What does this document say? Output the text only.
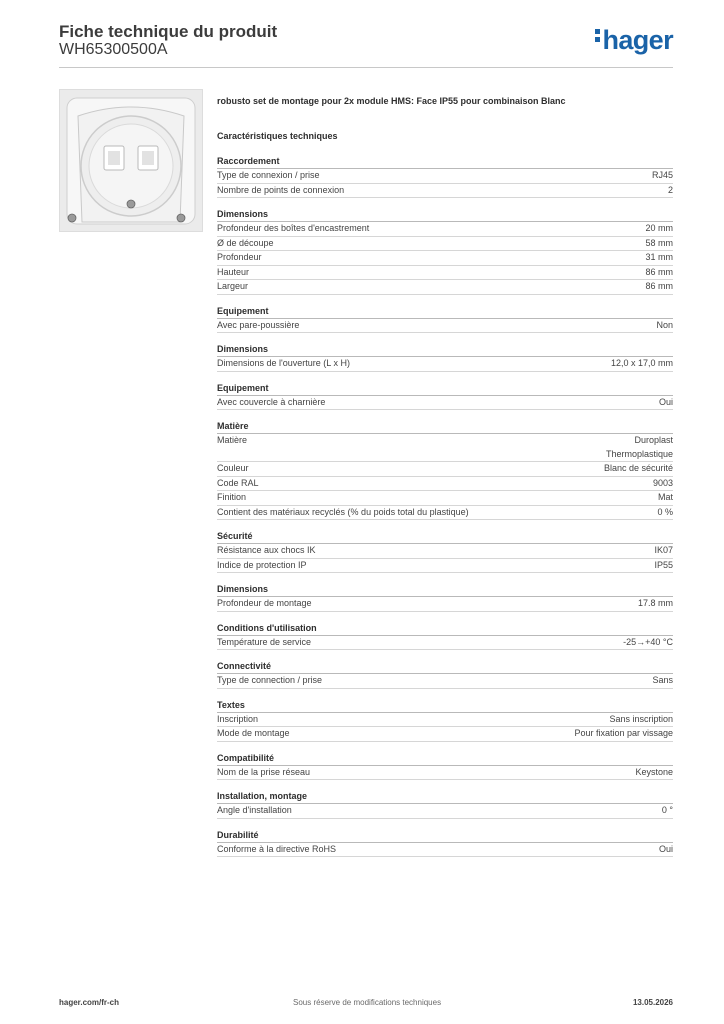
Fiche technique du produit
WH65300500A	hager
robusto set de montage pour 2x module HMS: Face IP55 pour combinaison Blanc
Caractéristiques techniques
Raccordement
Type de connexion / prise	RJ45
Nombre de points de connexion	2
Dimensions
Profondeur des boîtes d'encastrement	20 mm
Ø de découpe	58 mm
Profondeur	31 mm
Hauteur	86 mm
Largeur	86 mm
Equipement
Avec pare-poussière	Non
Dimensions
Dimensions de l'ouverture (L x H)	12,0 x 17,0 mm
Equipement
Avec couvercle à charnière	Oui
Matière
Matière	Duroplast
Thermoplastique
Couleur	Blanc de sécurité
Code RAL	9003
Finition	Mat
Contient des matériaux recyclés (% du poids total du plastique)	0 %
Sécurité
Résistance aux chocs IK	IK07
Indice de protection IP	IP55
Dimensions
Profondeur de montage	17.8 mm
Conditions d'utilisation
Température de service	-25→+40 °C
Connectivité
Type de connection / prise	Sans
Textes
Inscription	Sans inscription
Mode de montage	Pour fixation par vissage
Compatibilité
Nom de la prise réseau	Keystone
Installation, montage
Angle d'installation	0 °
Durabilité
Conforme à la directive RoHS	Oui
hager.com/fr-ch	Sous réserve de modifications techniques	13.05.2026
